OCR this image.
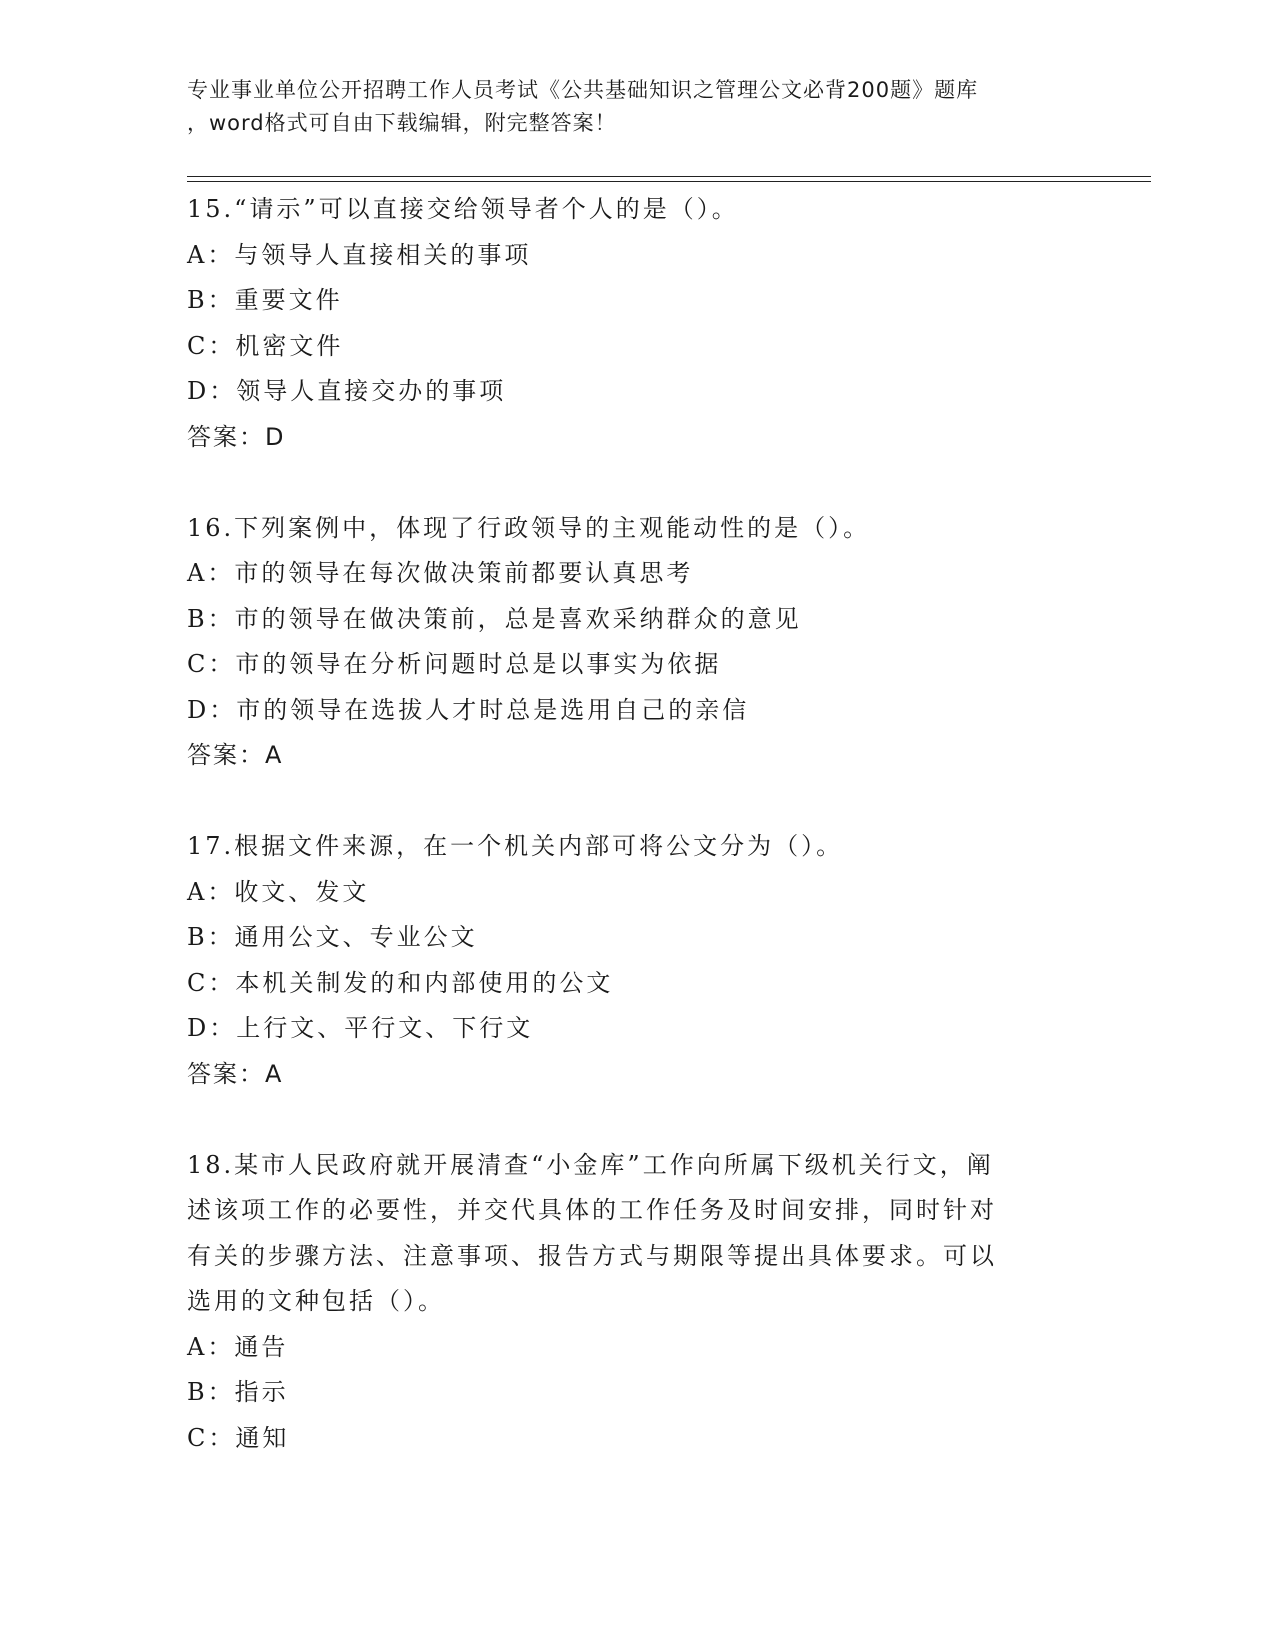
专业事业单位公开招聘工作人员考试《公共基础知识之管理公文必背200题》题库
，word格式可自由下载编辑，附完整答案！
15.“请示”可以直接交给领导者个人的是（）。
A：与领导人直接相关的事项
B：重要文件
C：机密文件
D：领导人直接交办的事项
答案：D
16.下列案例中，体现了行政领导的主观能动性的是（）。
A：市的领导在每次做决策前都要认真思考
B：市的领导在做决策前，总是喜欢采纳群众的意见
C：市的领导在分析问题时总是以事实为依据
D：市的领导在选拔人才时总是选用自己的亲信
答案：A
17.根据文件来源，在一个机关内部可将公文分为（）。
A：收文、发文
B：通用公文、专业公文
C：本机关制发的和内部使用的公文
D：上行文、平行文、下行文
答案：A
18.某市人民政府就开展清查“小金库”工作向所属下级机关行文，阐
述该项工作的必要性，并交代具体的工作任务及时间安排，同时针对
有关的步骤方法、注意事项、报告方式与期限等提出具体要求。可以
选用的文种包括（）。
A：通告
B：指示
C：通知
